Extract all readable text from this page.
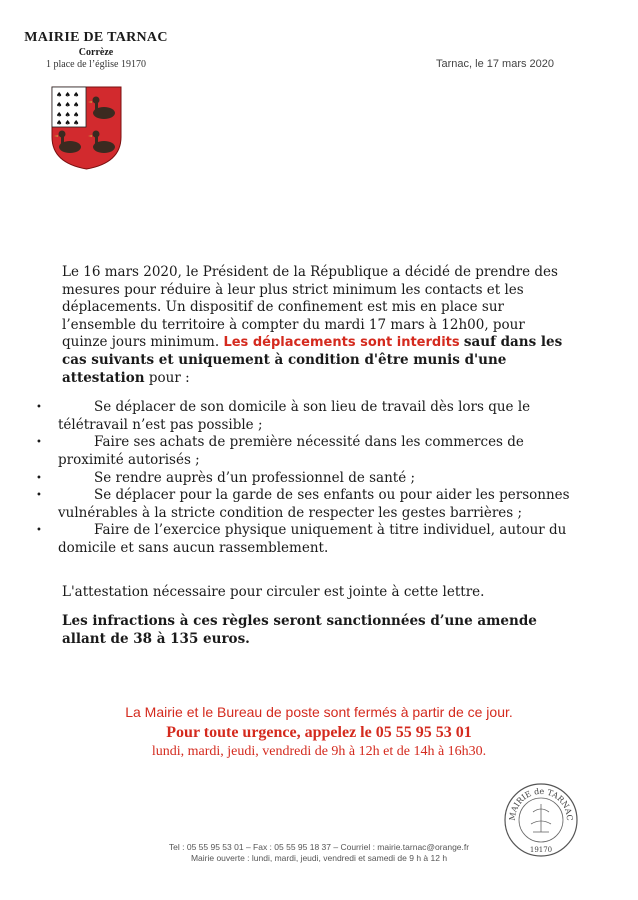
MAIRIE DE TARNAC
Corrèze
1 place de l’église 19170	Tarnac, le 17 mars 2020
♠ ♠ ♠
♠ ♠ ♠
♠ ♠ ♠
♠ ♠ ♠

Le 16 mars 2020, le Président de la République a décidé de prendre des mesures pour réduire à leur plus strict minimum les contacts et les déplacements. Un dispositif de confinement est mis en place sur l’ensemble du territoire à compter du mardi 17 mars à 12h00, pour quinze jours minimum. Les déplacements sont interdits sauf dans les cas suivants et uniquement à condition d'être munis d'une attestation pour :

•	Se déplacer de son domicile à son lieu de travail dès lors que le télétravail n’est pas possible ;
•	Faire ses achats de première nécessité dans les commerces de proximité autorisés ;
•	Se rendre auprès d’un professionnel de santé ;
•	Se déplacer pour la garde de ses enfants ou pour aider les personnes vulnérables à la stricte condition de respecter les gestes barrières ;
•	Faire de l’exercice physique uniquement à titre individuel, autour du domicile et sans aucun rassemblement.

L'attestation nécessaire pour circuler est jointe à cette lettre.

Les infractions à ces règles seront sanctionnées d’une amende allant de 38 à 135 euros.

La Mairie et le Bureau de poste sont fermés à partir de ce jour.
Pour toute urgence, appelez le 05 55 95 53 01
lundi, mardi, jeudi, vendredi de 9h à 12h et de 14h à 16h30.
MAIRIE de TARNAC
19170
Tel : 05 55 95 53 01 – Fax : 05 55 95 18 37 – Courriel : mairie.tarnac@orange.fr
Mairie ouverte : lundi, mardi, jeudi, vendredi et samedi de 9 h à 12 h
